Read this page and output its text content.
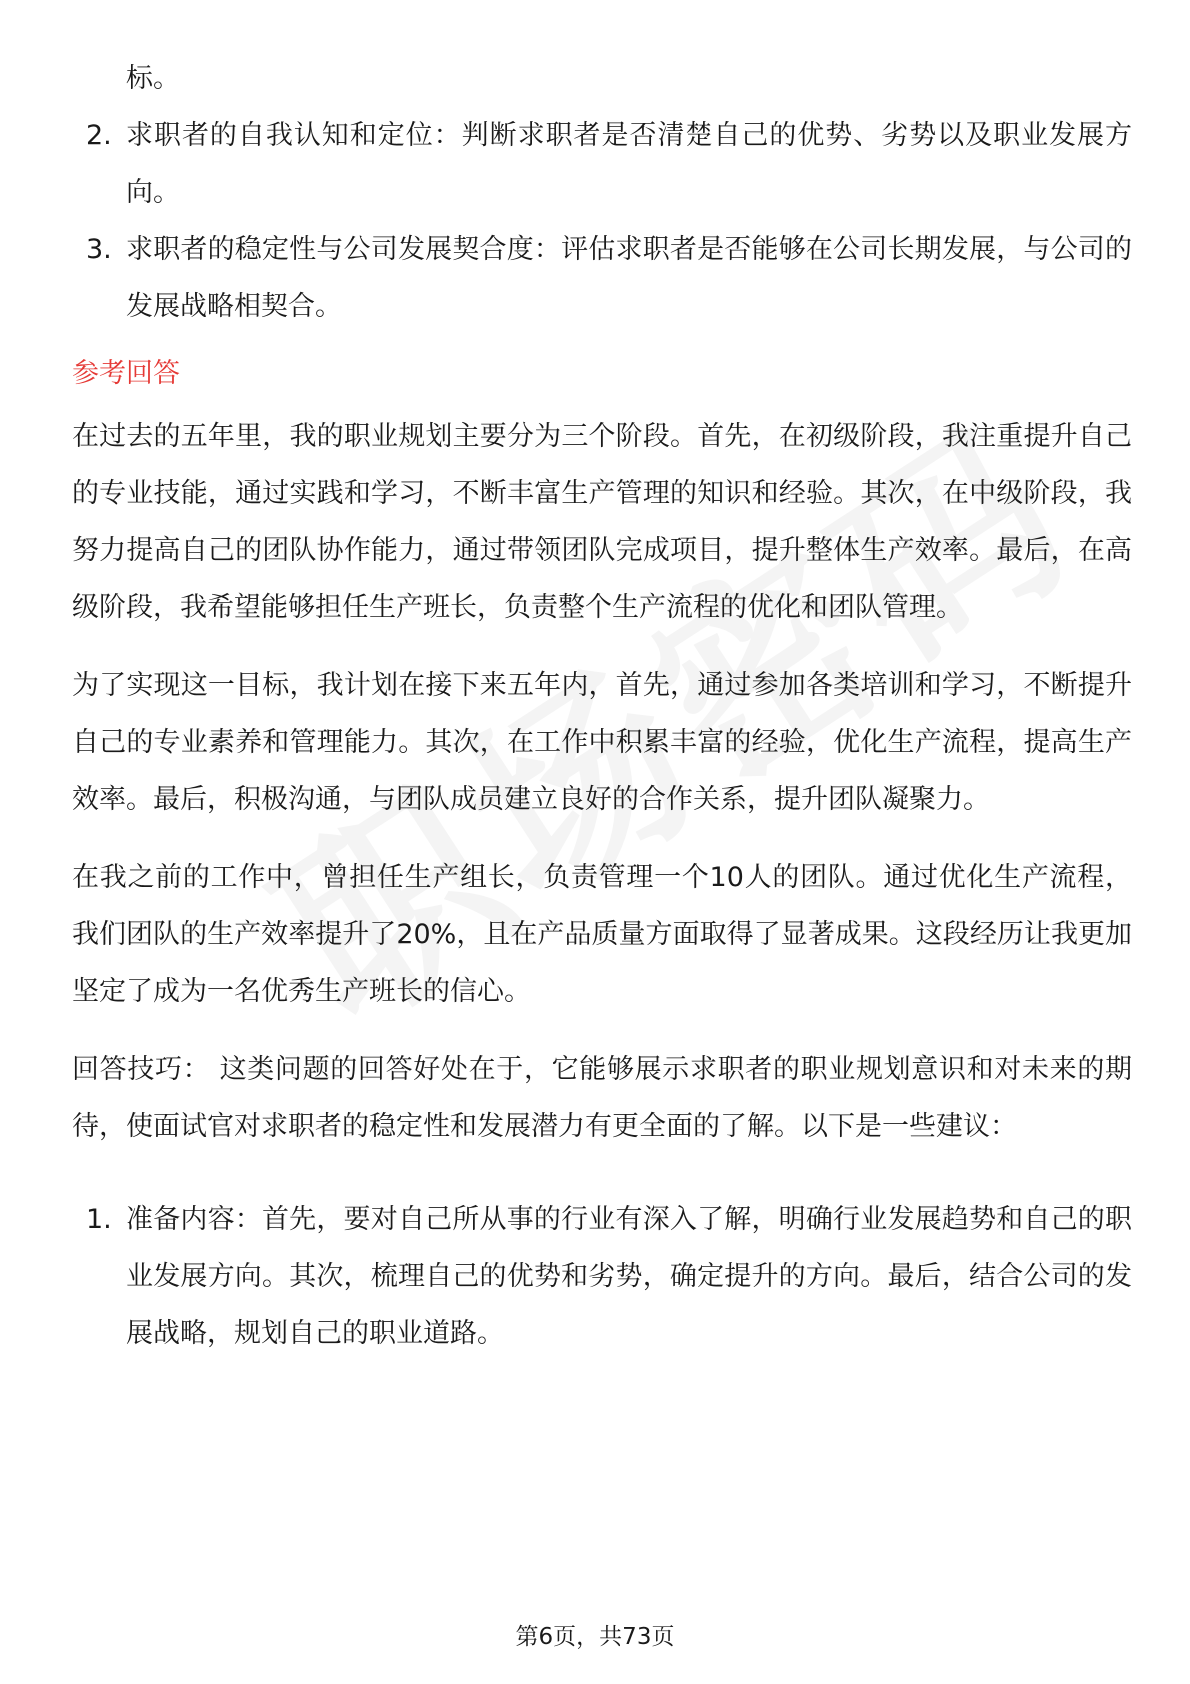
标。

2. 求职者的自我认知和定位：判断求职者是否清楚自己的优势、劣势以及职业发展方向。

3. 求职者的稳定性与公司发展契合度：评估求职者是否能够在公司长期发展，与公司的发展战略相契合。

参考回答

在过去的五年里，我的职业规划主要分为三个阶段。首先，在初级阶段，我注重提升自己的专业技能，通过实践和学习，不断丰富生产管理的知识和经验。其次，在中级阶段，我努力提高自己的团队协作能力，通过带领团队完成项目，提升整体生产效率。最后，在高级阶段，我希望能够担任生产班长，负责整个生产流程的优化和团队管理。

为了实现这一目标，我计划在接下来五年内，首先，通过参加各类培训和学习，不断提升自己的专业素养和管理能力。其次，在工作中积累丰富的经验，优化生产流程，提高生产效率。最后，积极沟通，与团队成员建立良好的合作关系，提升团队凝聚力。

在我之前的工作中，曾担任生产组长，负责管理一个10人的团队。通过优化生产流程，我们团队的生产效率提升了20%，且在产品质量方面取得了显著成果。这段经历让我更加坚定了成为一名优秀生产班长的信心。

回答技巧： 这类问题的回答好处在于，它能够展示求职者的职业规划意识和对未来的期待，使面试官对求职者的稳定性和发展潜力有更全面的了解。以下是一些建议：

1. 准备内容：首先，要对自己所从事的行业有深入了解，明确行业发展趋势和自己的职业发展方向。其次，梳理自己的优势和劣势，确定提升的方向。最后，结合公司的发展战略，规划自己的职业道路。

第6页，共73页
